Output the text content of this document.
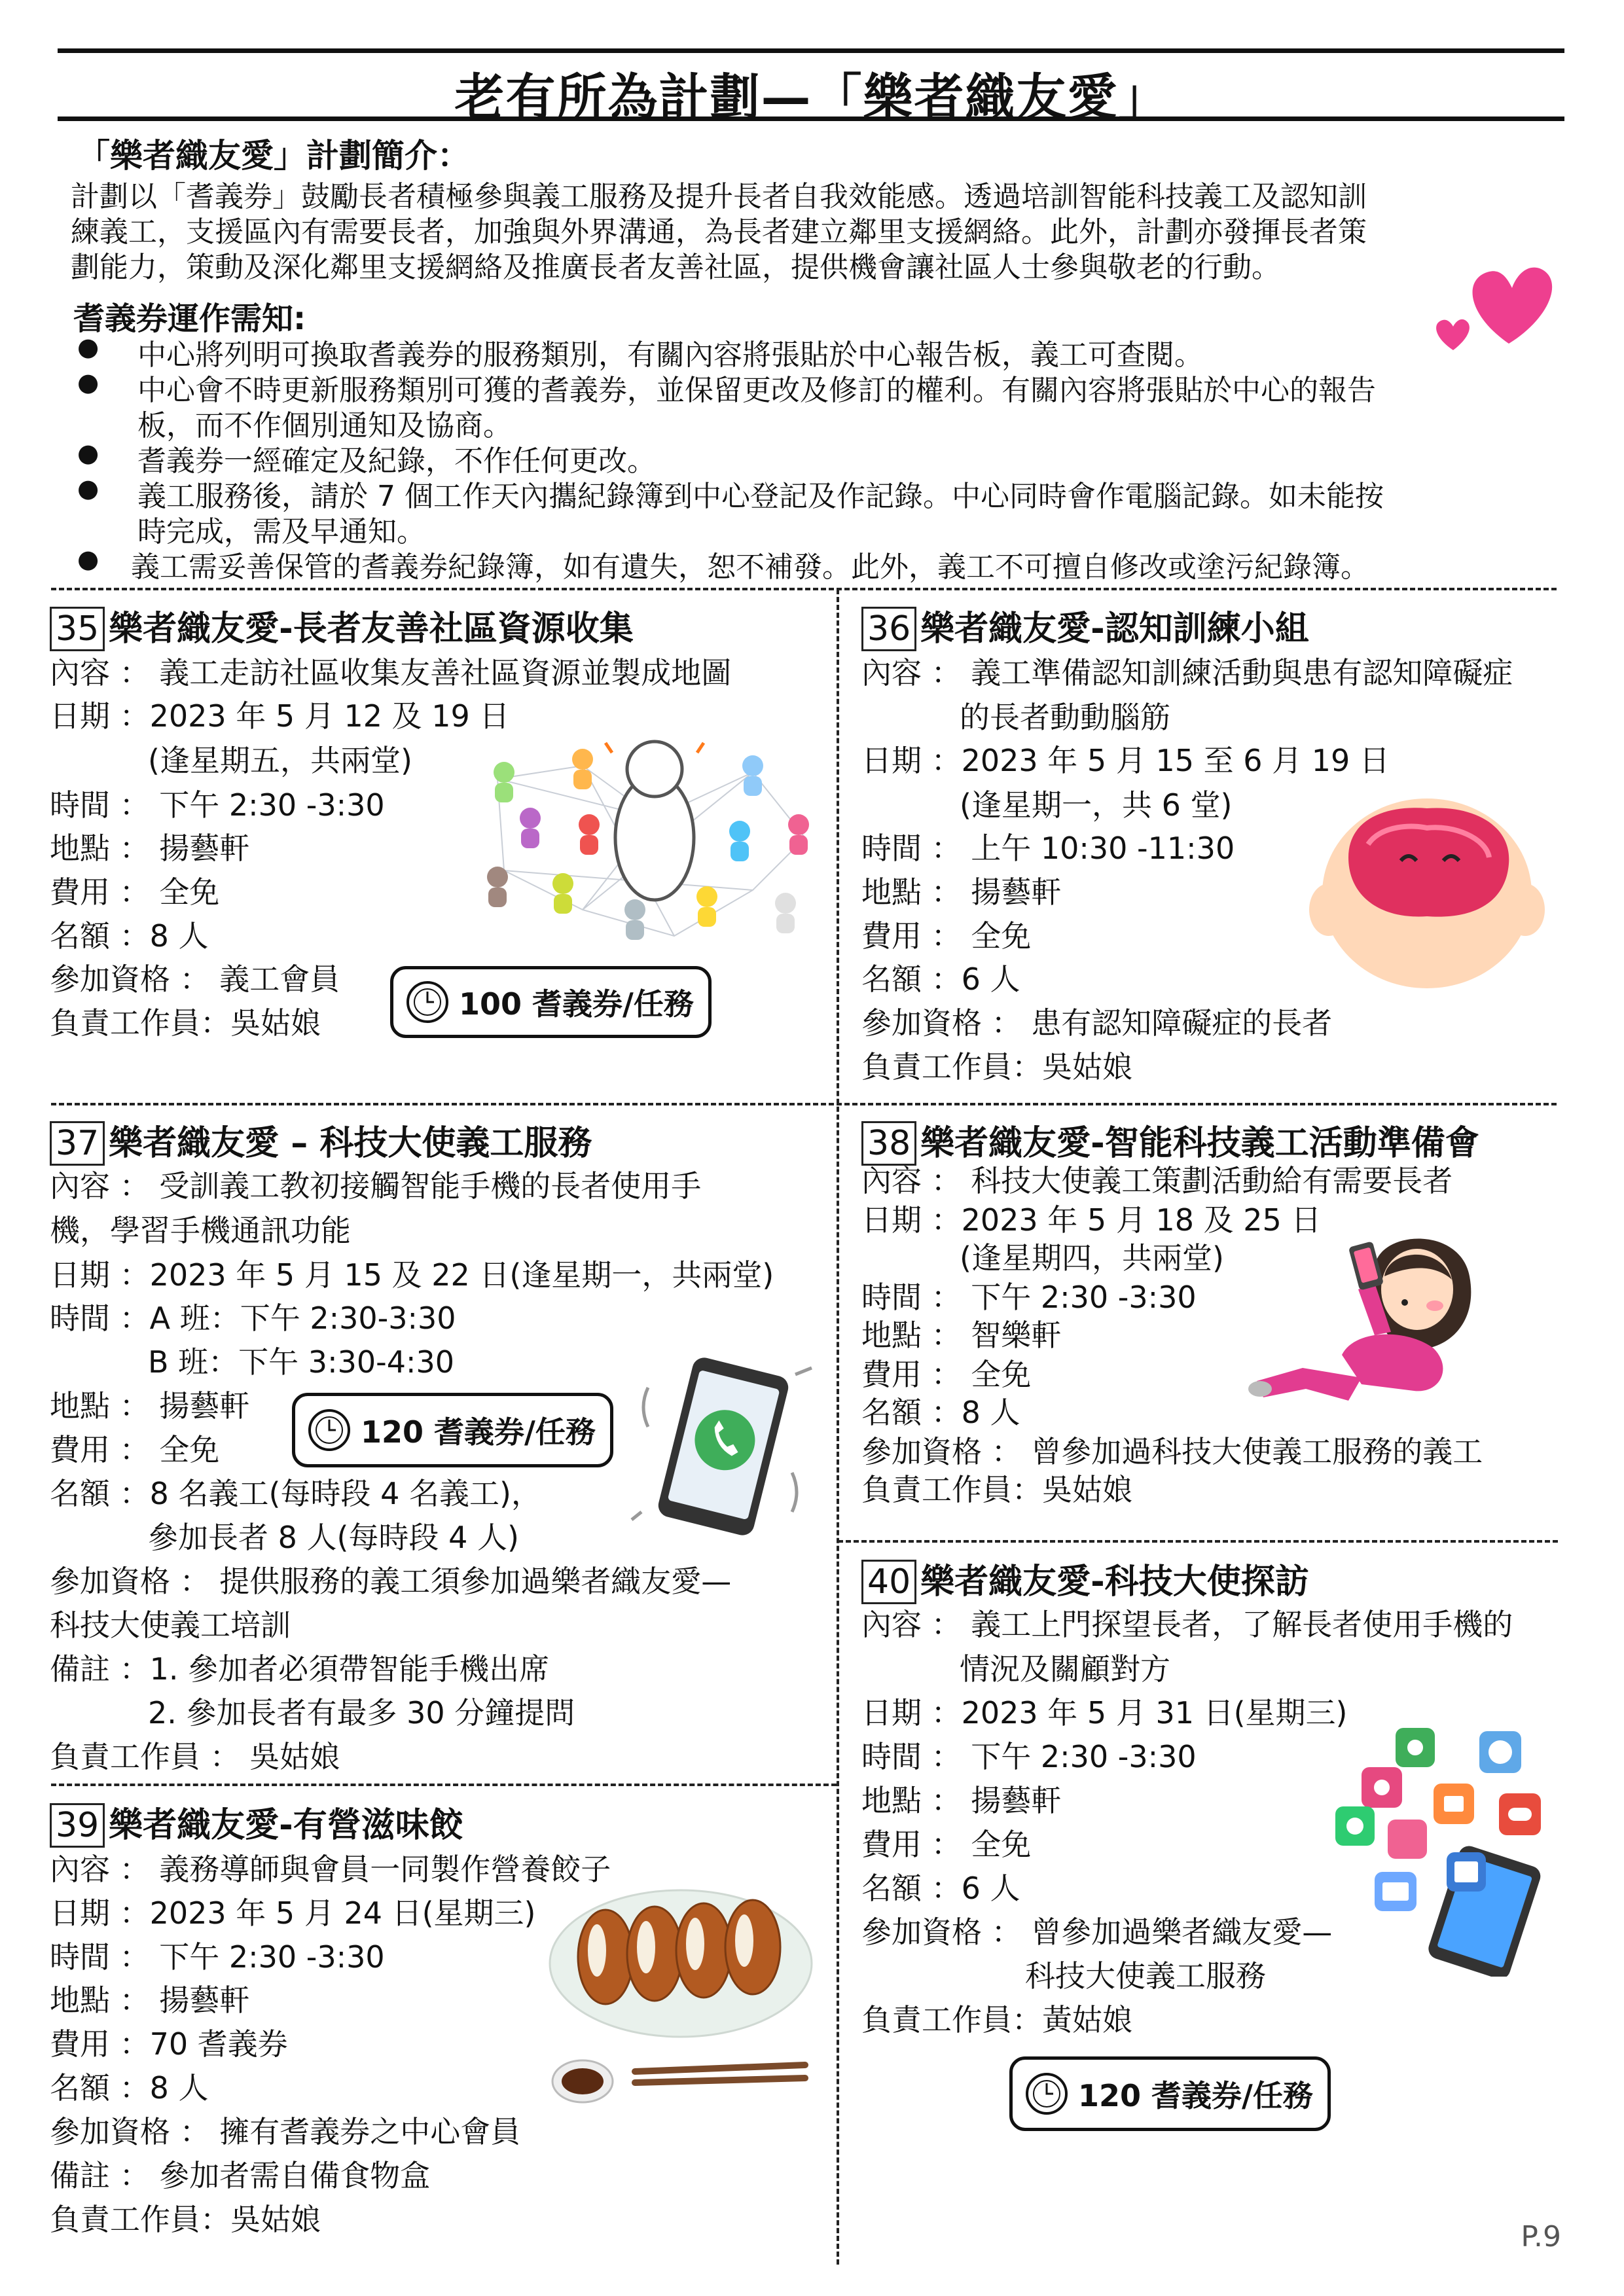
老有所為計劃—「樂者織友愛」
「樂者織友愛」計劃簡介：
計劃以「耆義券」鼓勵長者積極參與義工服務及提升長者自我效能感。透過培訓智能科技義工及認知訓
練義工，支援區內有需要長者，加強與外界溝通，為長者建立鄰里支援網絡。此外，計劃亦發揮長者策
劃能力，策動及深化鄰里支援網絡及推廣長者友善社區，提供機會讓社區人士參與敬老的行動。
耆義券運作需知:
● 中心將列明可換取耆義券的服務類別，有關內容將張貼於中心報告板，義工可查閱。
● 中心會不時更新服務類別可獲的耆義券，並保留更改及修訂的權利。有關內容將張貼於中心的報告
板，而不作個別通知及協商。
● 耆義券一經確定及紀錄，不作任何更改。
● 義工服務後，請於 7 個工作天內攜紀錄簿到中心登記及作記錄。中心同時會作電腦記錄。如未能按
時完成，需及早通知。
● 義工需妥善保管的耆義券紀錄簿，如有遺失，恕不補發。此外，義工不可擅自修改或塗污紀錄簿。
35 樂者織友愛-長者友善社區資源收集
內容 ： 義工走訪社區收集友善社區資源並製成地圖
日期 ：2023 年 5 月 12 及 19 日
(逢星期五，共兩堂)
時間 ： 下午 2:30 -3:30
地點 ： 揚藝軒
費用 ： 全免
名額 ：8 人
參加資格 ： 義工會員
負責工作員：吳姑娘
100 耆義券/任務
36 樂者織友愛-認知訓練小組
內容 ： 義工準備認知訓練活動與患有認知障礙症
的長者動動腦筋
日期 ：2023 年 5 月 15 至 6 月 19 日
(逢星期一，共 6 堂)
時間 ： 上午 10:30 -11:30
地點 ： 揚藝軒
費用 ： 全免
名額 ：6 人
參加資格 ： 患有認知障礙症的長者
負責工作員：吳姑娘
37 樂者織友愛 – 科技大使義工服務
內容 ： 受訓義工教初接觸智能手機的長者使用手
機，學習手機通訊功能
日期 ：2023 年 5 月 15 及 22 日(逢星期一，共兩堂)
時間 ：A 班：下午 2:30-3:30
B 班：下午 3:30-4:30
地點 ： 揚藝軒
費用 ： 全免
名額 ：8 名義工(每時段 4 名義工)，
參加長者 8 人(每時段 4 人)
參加資格 ： 提供服務的義工須參加過樂者織友愛—
科技大使義工培訓
備註 ：1. 參加者必須帶智能手機出席
2. 參加長者有最多 30 分鐘提問
負責工作員 ： 吳姑娘
120 耆義券/任務
38 樂者織友愛-智能科技義工活動準備會
內容 ： 科技大使義工策劃活動給有需要長者
日期 ：2023 年 5 月 18 及 25 日
(逢星期四，共兩堂)
時間 ： 下午 2:30 -3:30
地點 ： 智樂軒
費用 ： 全免
名額 ：8 人
參加資格 ： 曾參加過科技大使義工服務的義工
負責工作員：吳姑娘
39 樂者織友愛-有營滋味餃
內容 ： 義務導師與會員一同製作營養餃子
日期 ：2023 年 5 月 24 日(星期三)
時間 ： 下午 2:30 -3:30
地點 ： 揚藝軒
費用 ：70 耆義券
名額 ：8 人
參加資格 ： 擁有耆義券之中心會員
備註 ： 參加者需自備食物盒
負責工作員：吳姑娘
40 樂者織友愛-科技大使探訪
內容 ： 義工上門探望長者，了解長者使用手機的
情況及關顧對方
日期 ：2023 年 5 月 31 日(星期三)
時間 ： 下午 2:30 -3:30
地點 ： 揚藝軒
費用 ： 全免
名額 ：6 人
參加資格 ： 曾參加過樂者織友愛—
科技大使義工服務
負責工作員：黃姑娘
120 耆義券/任務
P.9
